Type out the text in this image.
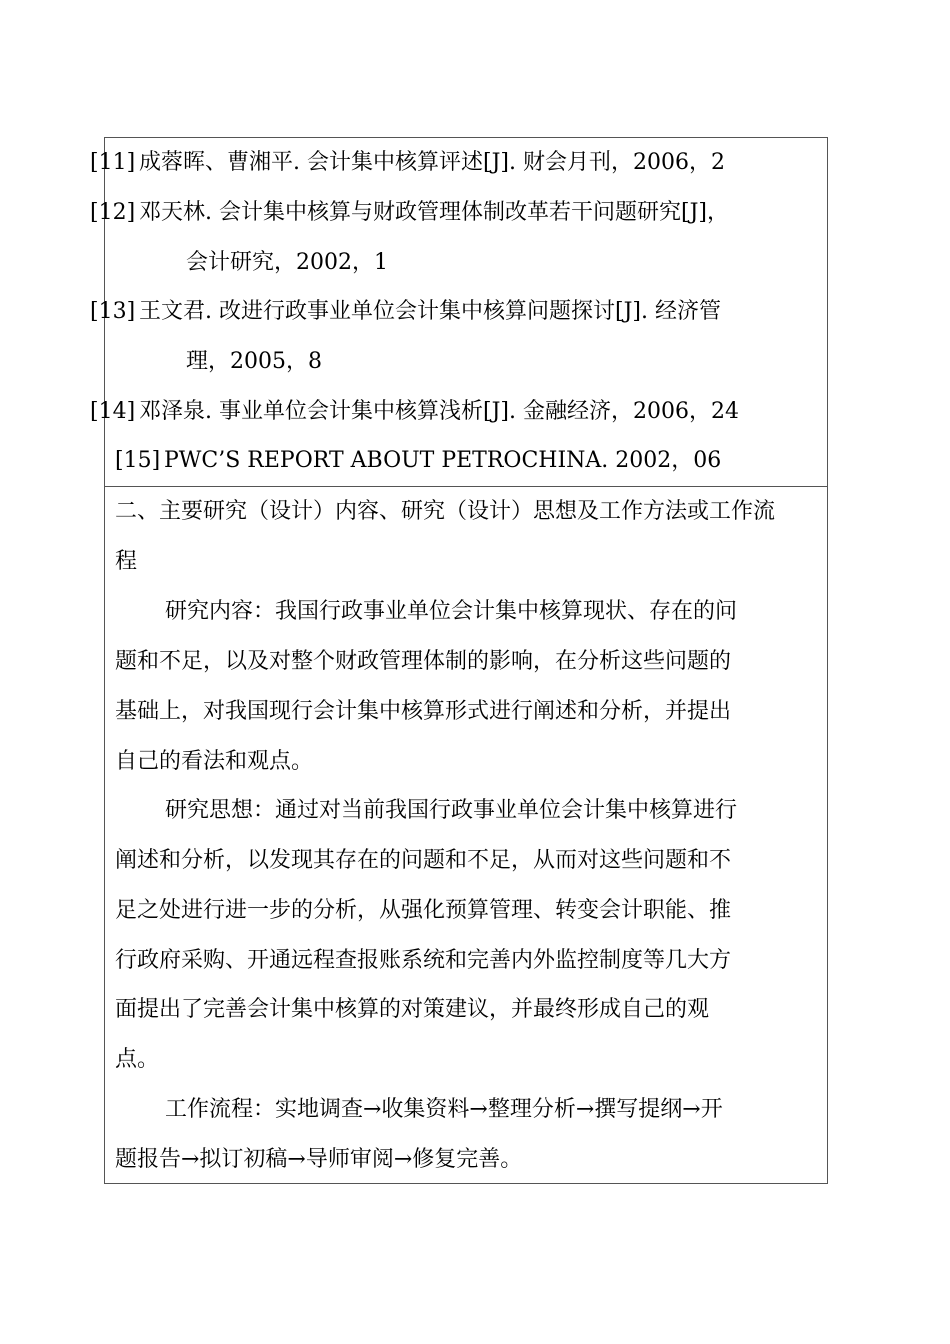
[11] 成蓉晖、曹湘平. 会计集中核算评述[J]. 财会月刊，2006，2
[12] 邓天林. 会计集中核算与财政管理体制改革若干问题研究[J]，
会计研究，2002，1
[13] 王文君. 改进行政事业单位会计集中核算问题探讨[J]. 经济管
理，2005，8
[14] 邓泽泉. 事业单位会计集中核算浅析[J]. 金融经济，2006，24
[15] PWC’S REPORT ABOUT PETROCHINA. 2002，06
二、主要研究（设计）内容、研究（设计）思想及工作方法或工作流
程
研究内容：我国行政事业单位会计集中核算现状、存在的问
题和不足，以及对整个财政管理体制的影响，在分析这些问题的
基础上，对我国现行会计集中核算形式进行阐述和分析，并提出
自己的看法和观点。
研究思想：通过对当前我国行政事业单位会计集中核算进行
阐述和分析，以发现其存在的问题和不足，从而对这些问题和不
足之处进行进一步的分析，从强化预算管理、转变会计职能、推
行政府采购、开通远程查报账系统和完善内外监控制度等几大方
面提出了完善会计集中核算的对策建议，并最终形成自己的观
点。
工作流程：实地调查→收集资料→整理分析→撰写提纲→开
题报告→拟订初稿→导师审阅→修复完善。
